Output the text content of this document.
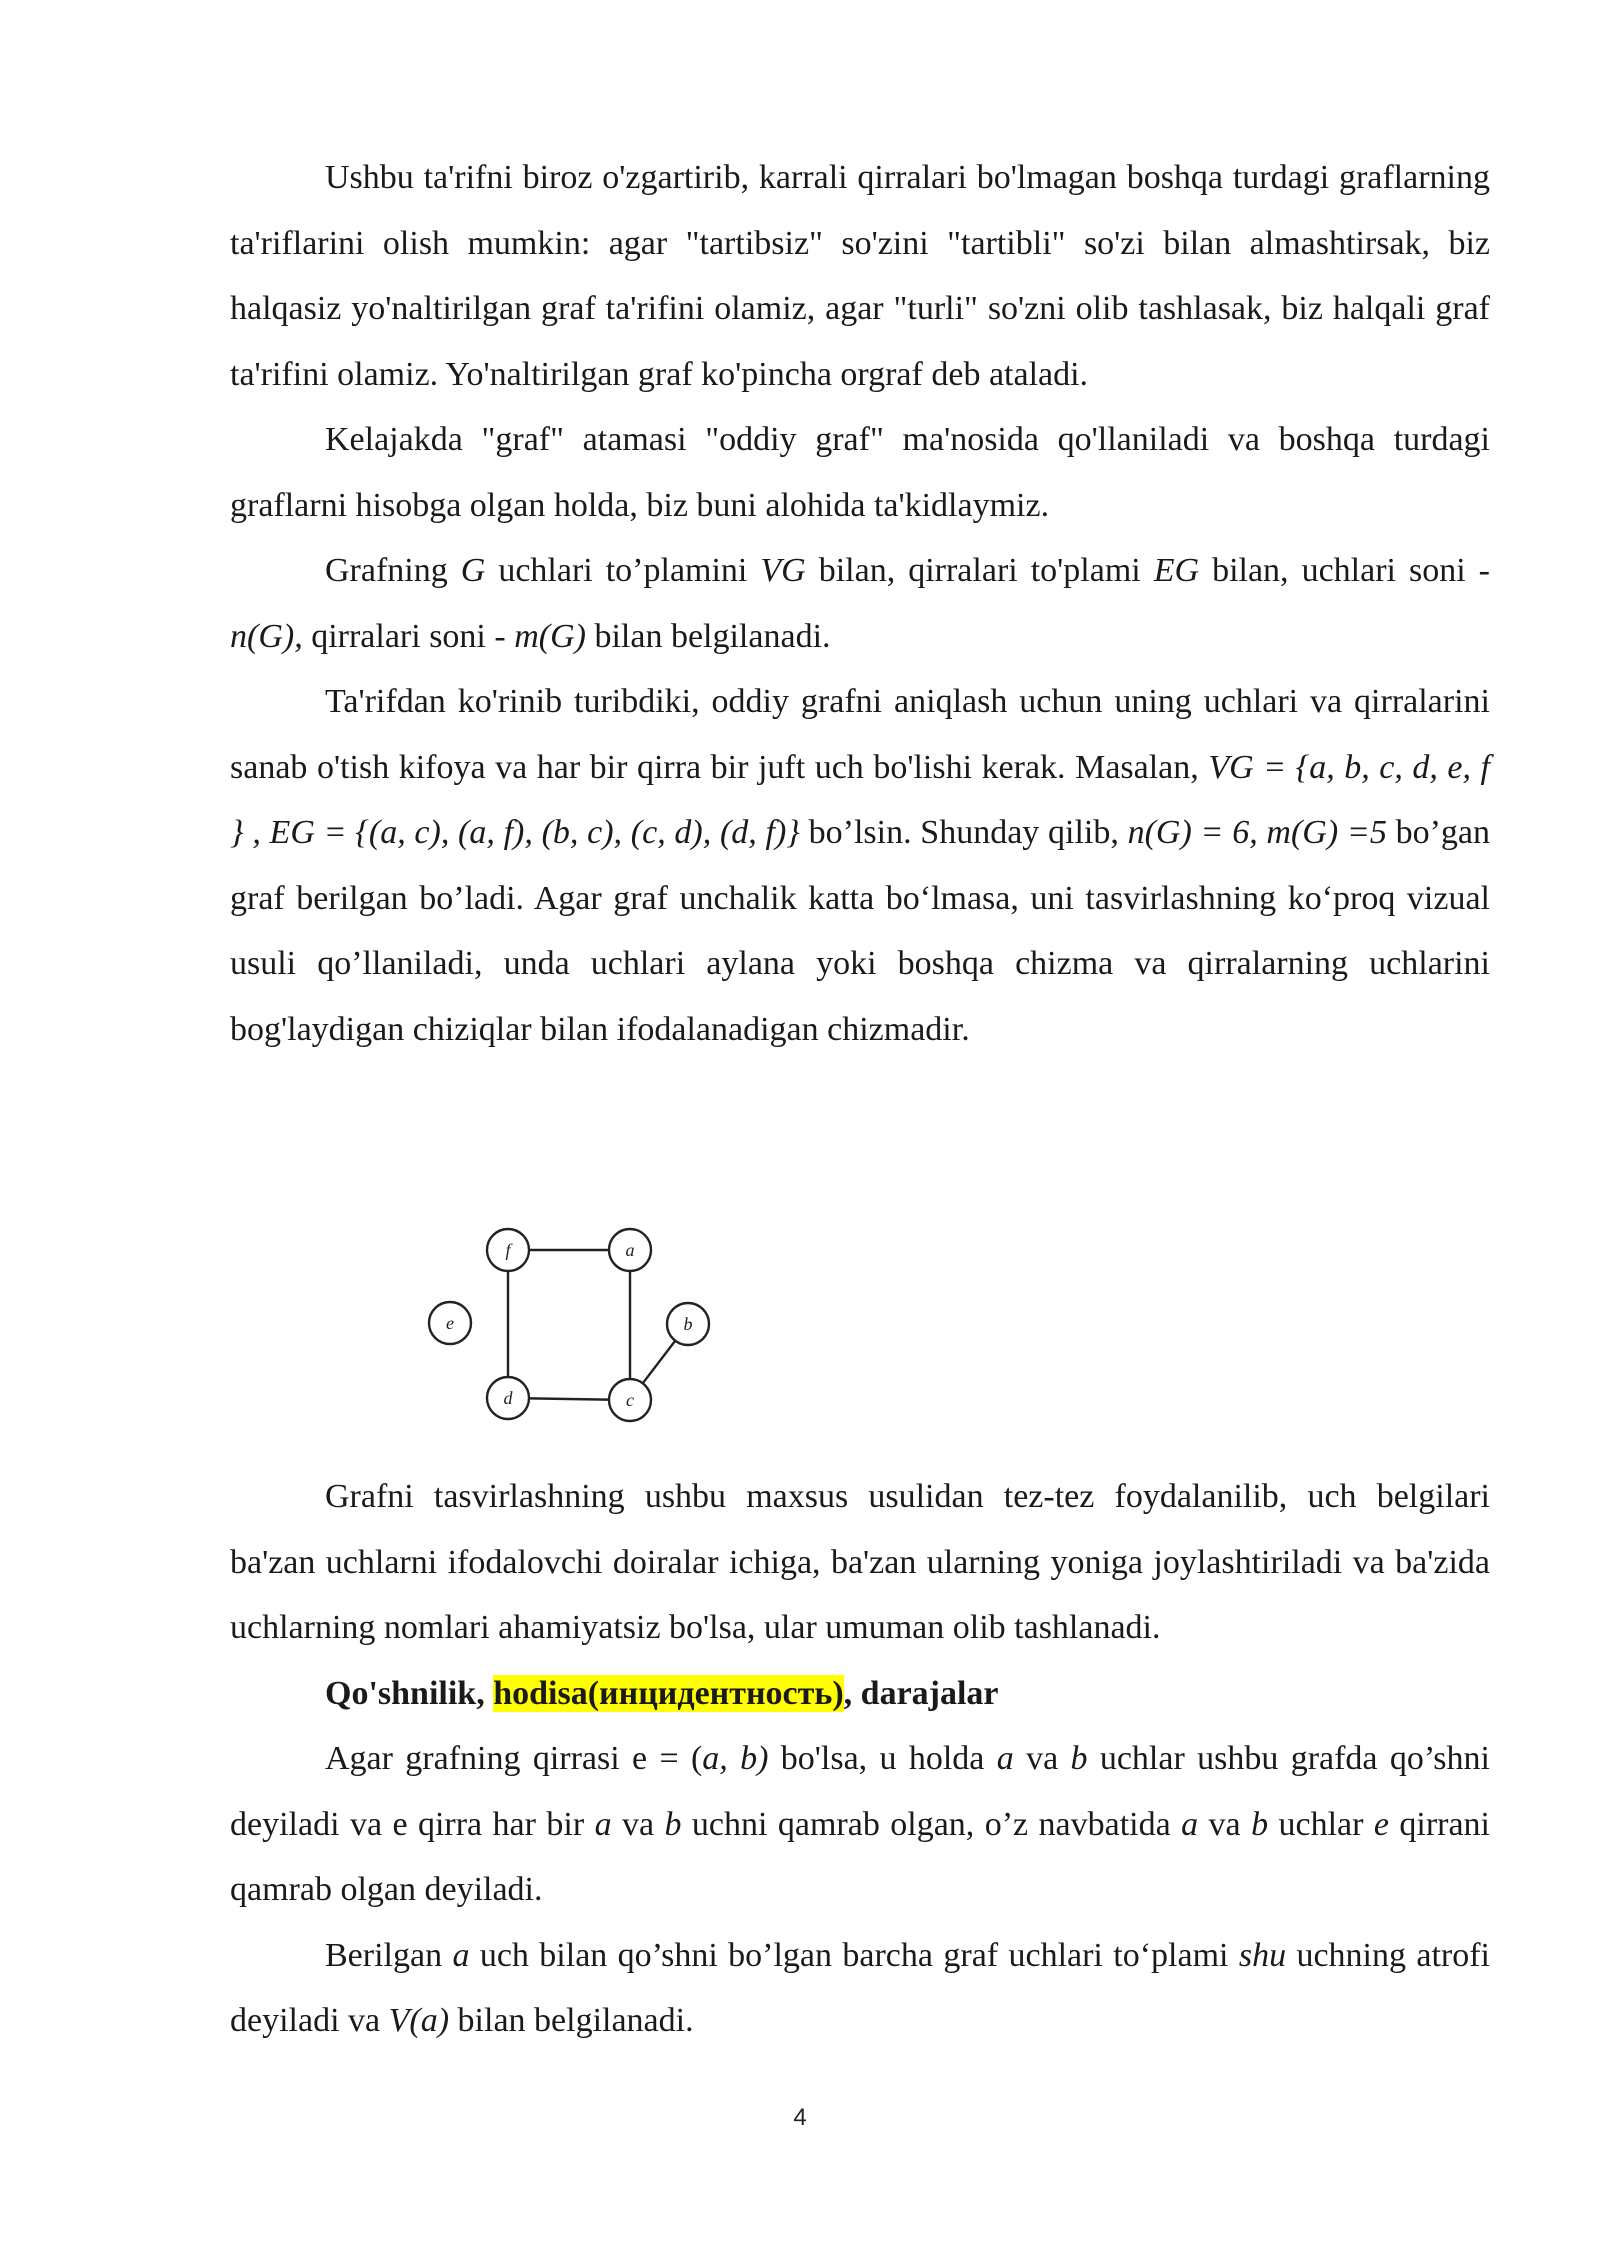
Ushbu ta'rifni biroz o'zgartirib, karrali qirralari bo'lmagan boshqa turdagi graflarning ta'riflarini olish mumkin: agar "tartibsiz" so'zini "tartibli" so'zi bilan almashtirsak, biz halqasiz yo'naltirilgan graf ta'rifini olamiz, agar "turli" so'zni olib tashlasak, biz halqali graf ta'rifini olamiz. Yo'naltirilgan graf ko'pincha orgraf deb ataladi.

Kelajakda "graf" atamasi "oddiy graf" ma'nosida qo'llaniladi va boshqa turdagi graflarni hisobga olgan holda, biz buni alohida ta'kidlaymiz.

Grafning G uchlari to’plamini VG bilan, qirralari to'plami EG bilan, uchlari soni - n(G), qirralari soni - m(G) bilan belgilanadi.

Ta'rifdan ko'rinib turibdiki, oddiy grafni aniqlash uchun uning uchlari va qirralarini sanab o'tish kifoya va har bir qirra bir juft uch bo'lishi kerak. Masalan, VG = {a, b, c, d, e, f } , EG = {(a, c), (a, f), (b, c), (c, d), (d, f)} bo’lsin. Shunday qilib, n(G) = 6, m(G) =5 bo’gan graf berilgan bo’ladi. Agar graf unchalik katta bo‘lmasa, uni tasvirlashning ko‘proq vizual usuli qo’llaniladi, unda uchlari aylana yoki boshqa chizma va qirralarning uchlarini bog'laydigan chiziqlar bilan ifodalanadigan chizmadir.

f	a
e	b
d	c

Grafni tasvirlashning ushbu maxsus usulidan tez-tez foydalanilib, uch belgilari ba'zan uchlarni ifodalovchi doiralar ichiga, ba'zan ularning yoniga joylashtiriladi va ba'zida uchlarning nomlari ahamiyatsiz bo'lsa, ular umuman olib tashlanadi.

Qo'shnilik, hodisa(инцидентность), darajalar

Agar grafning qirrasi e = (a, b) bo'lsa, u holda a va b uchlar ushbu grafda qo’shni deyiladi va e qirra har bir a va b uchni qamrab olgan, o’z navbatida a va b uchlar e qirrani qamrab olgan deyiladi.

Berilgan a uch bilan qo’shni bo’lgan barcha graf uchlari to‘plami shu uchning atrofi deyiladi va V(a) bilan belgilanadi.

4
